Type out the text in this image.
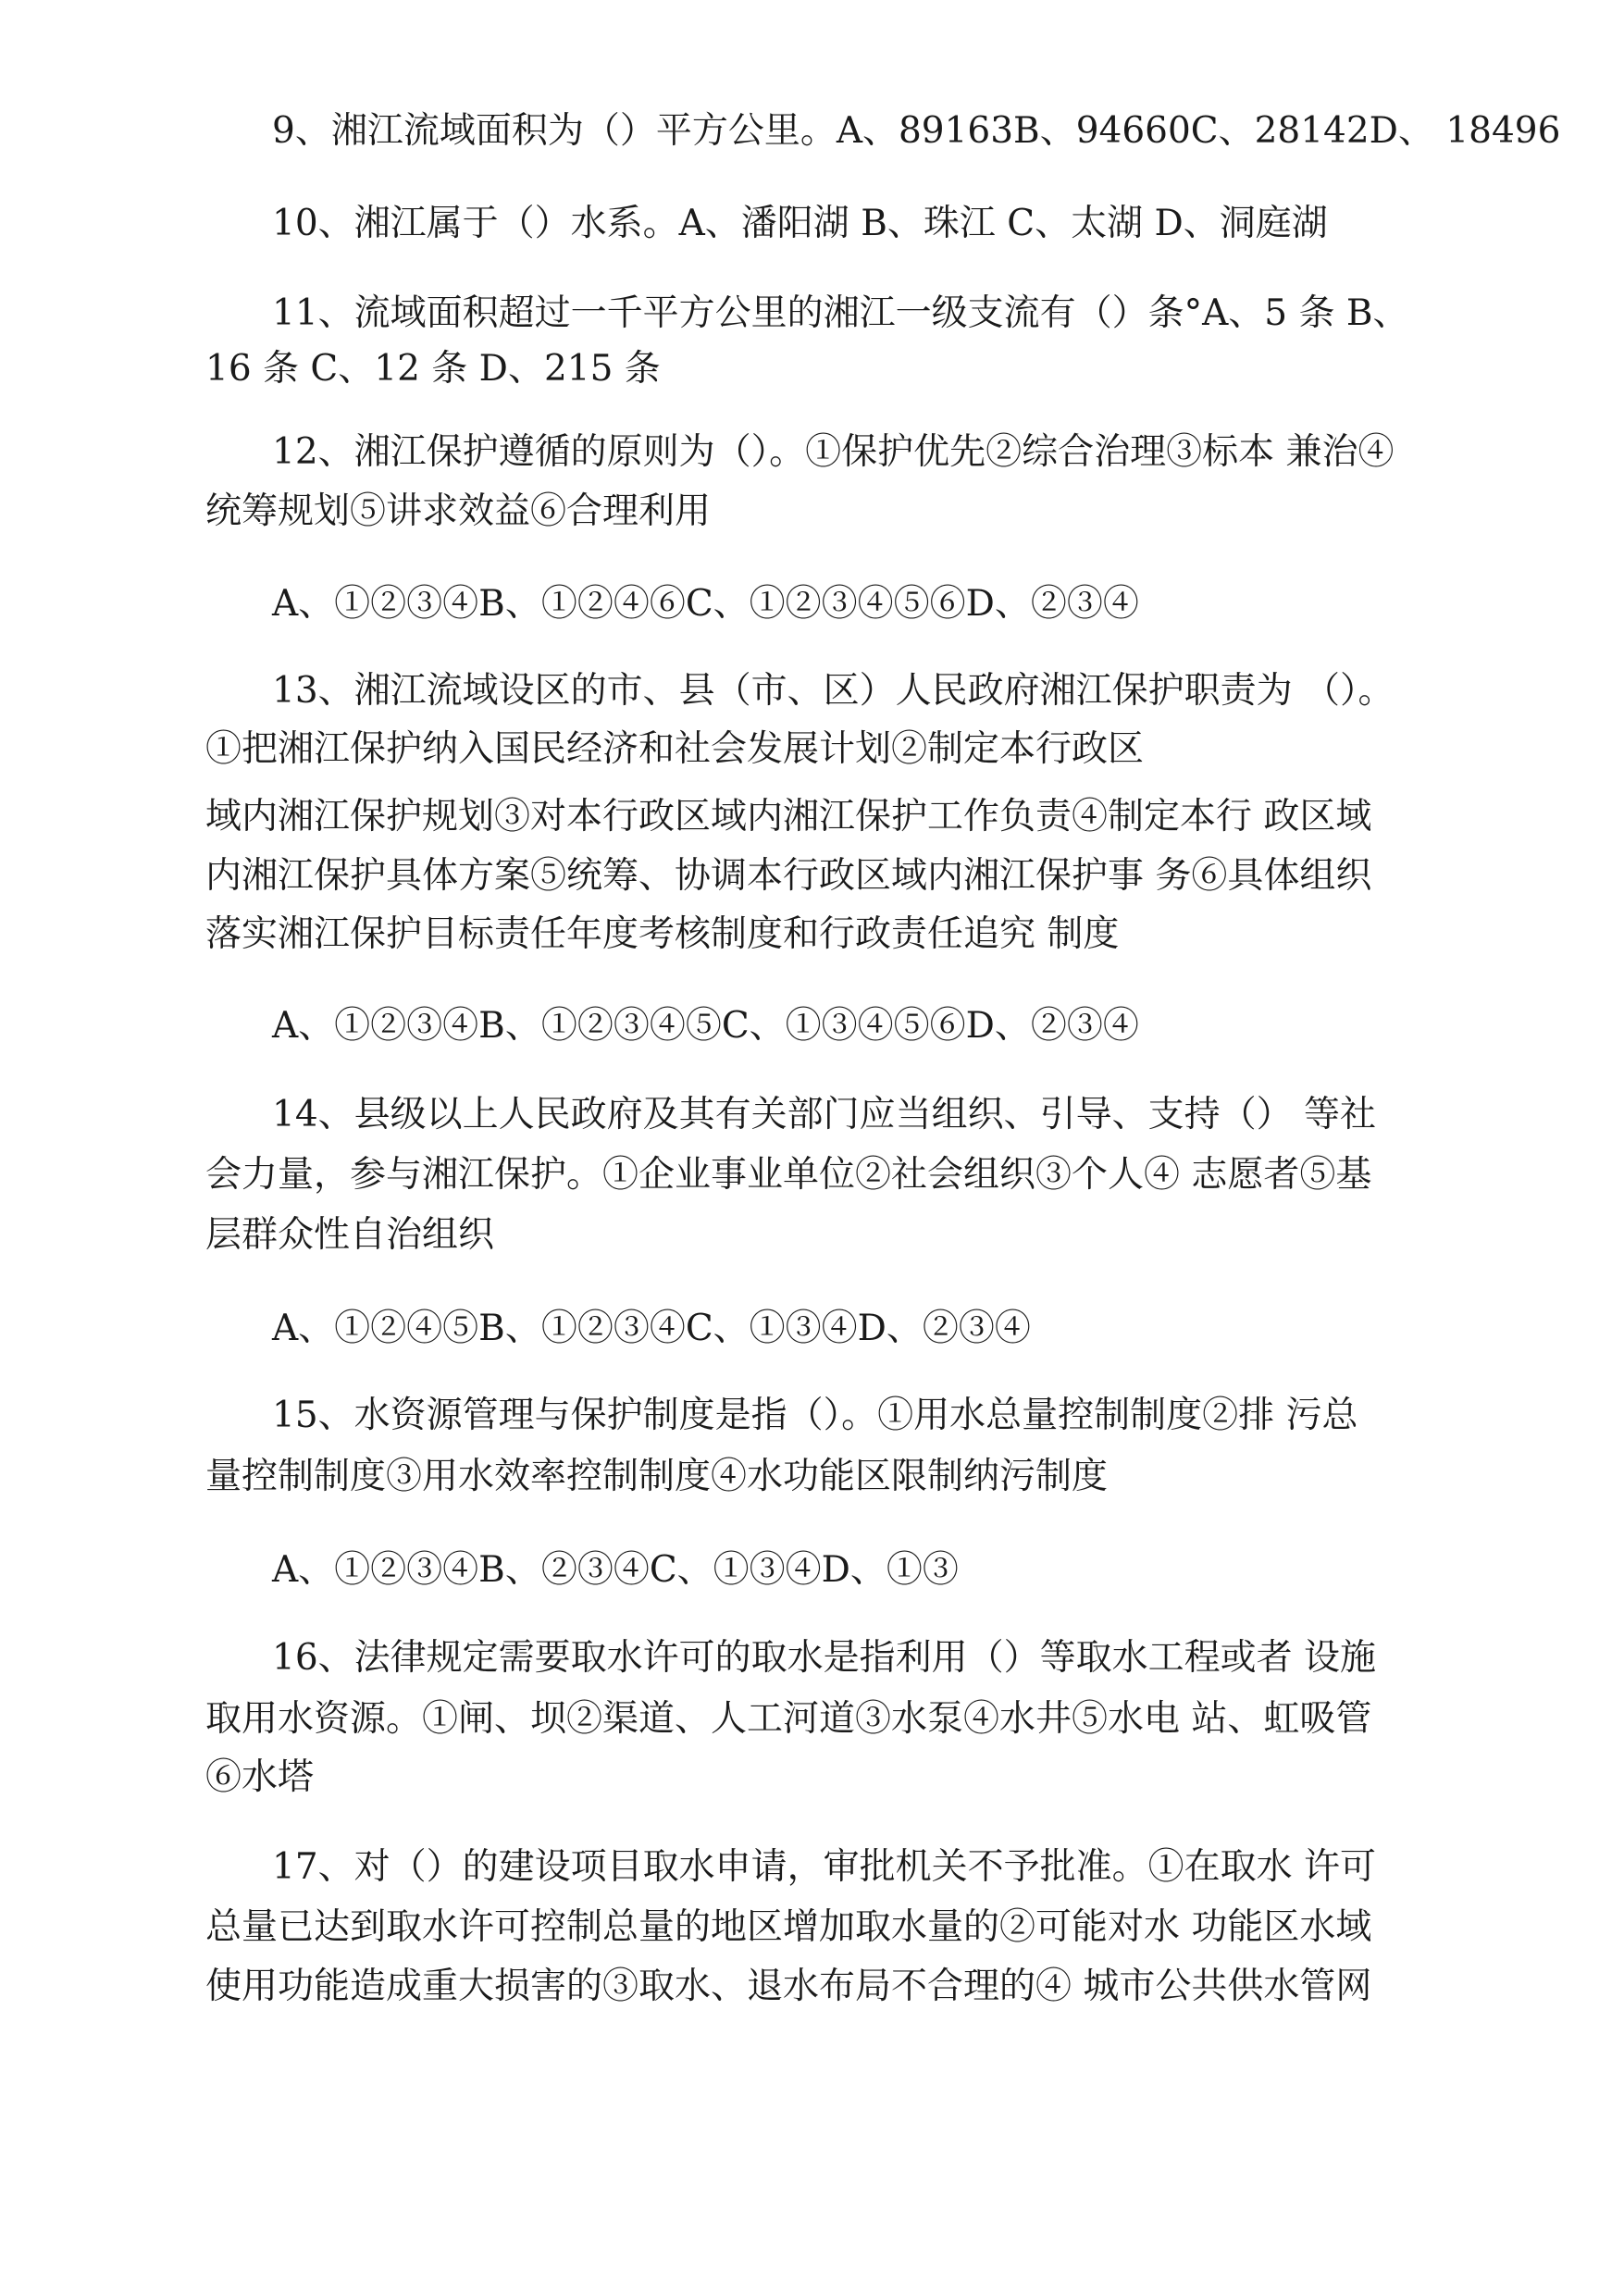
9、湘江流域面积为（）平方公里。A、89163B、94660C、28142D、 18496
10、湘江属于（）水系。A、潘阳湖 B、珠江 C、太湖 D、洞庭湖
11、流域面积超过一千平方公里的湘江一级支流有（）条°A、5 条 B、
16 条 C、12 条 D、215 条
12、湘江保护遵循的原则为（）。①保护优先②综合治理③标本 兼治④
统筹规划⑤讲求效益⑥合理利用
A、①②③④B、①②④⑥C、①②③④⑤⑥D、②③④
13、湘江流域设区的市、县（市、区）人民政府湘江保护职责为 （）。
①把湘江保护纳入国民经济和社会发展计划②制定本行政区
域内湘江保护规划③对本行政区域内湘江保护工作负责④制定本行 政区域
内湘江保护具体方案⑤统筹、协调本行政区域内湘江保护事 务⑥具体组织
落实湘江保护目标责任年度考核制度和行政责任追究 制度
A、①②③④B、①②③④⑤C、①③④⑤⑥D、②③④
14、县级以上人民政府及其有关部门应当组织、引导、支持（） 等社
会力量，参与湘江保护。①企业事业单位②社会组织③个人④ 志愿者⑤基
层群众性自治组织
A、①②④⑤B、①②③④C、①③④D、②③④
15、水资源管理与保护制度是指（）。①用水总量控制制度②排 污总
量控制制度③用水效率控制制度④水功能区限制纳污制度
A、①②③④B、②③④C、①③④D、①③
16、法律规定需要取水许可的取水是指利用（）等取水工程或者 设施
取用水资源。①闸、坝②渠道、人工河道③水泵④水井⑤水电 站、虹吸管
⑥水塔
17、对（）的建设项目取水申请，审批机关不予批准。①在取水 许可
总量已达到取水许可控制总量的地区增加取水量的②可能对水 功能区水域
使用功能造成重大损害的③取水、退水布局不合理的④ 城市公共供水管网
